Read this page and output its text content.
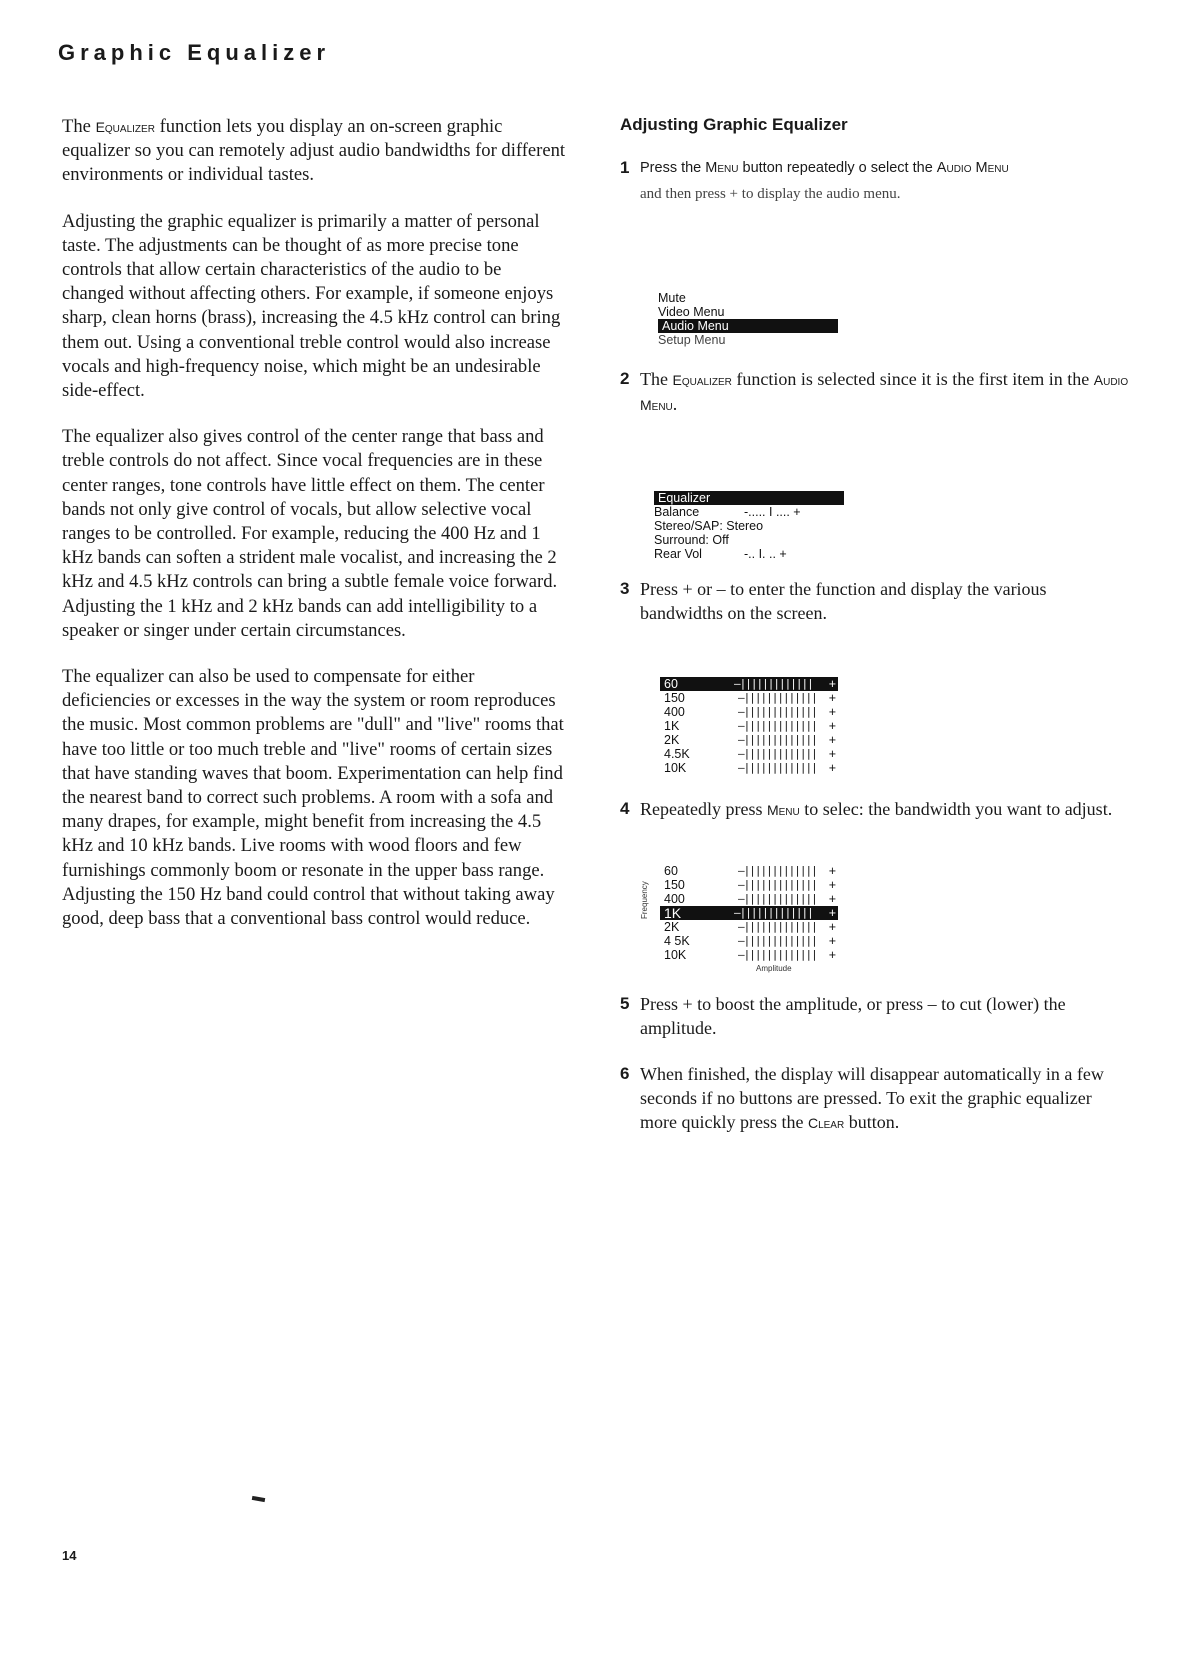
Graphic Equalizer

The Equalizer function lets you display an on-screen graphic equalizer so you can remotely adjust audio bandwidths for different environments or individual tastes.

Adjusting the graphic equalizer is primarily a matter of personal taste. The adjustments can be thought of as more precise tone controls that allow certain characteristics of the audio to be changed without affecting others. For example, if someone enjoys sharp, clean horns (brass), increasing the 4.5 kHz control can bring them out. Using a conventional treble control would also increase vocals and high-frequency noise, which might be an undesirable side-effect.

The equalizer also gives control of the center range that bass and treble controls do not affect. Since vocal frequencies are in these center ranges, tone controls have little effect on them. The center bands not only give control of vocals, but allow selective vocal ranges to be controlled. For example, reducing the 400 Hz and 1 kHz bands can soften a strident male vocalist, and increasing the 2 kHz and 4.5 kHz controls can bring a subtle female voice forward. Adjusting the 1 kHz and 2 kHz bands can add intelligibility to a speaker or singer under certain circumstances.

The equalizer can also be used to compensate for either deficiencies or excesses in the way the system or room reproduces the music. Most common problems are "dull" and "live" rooms that have too little or too much treble and "live" rooms of certain sizes that have standing waves that boom. Experimentation can help find the nearest band to correct such problems. A room with a sofa and many drapes, for example, might benefit from increasing the 4.5 kHz and 10 kHz bands. Live rooms with wood floors and few furnishings commonly boom or resonate in the upper bass range. Adjusting the 150 Hz band could control that without taking away good, deep bass that a conventional bass control would reduce.

Adjusting Graphic Equalizer
1 Press the Menu button repeatedly o select the Audio Menu
and then press + to display the audio menu.
Mute
Video Menu
Audio Menu
Setup Menu
2 The Equalizer function is selected since it is the first item in the Audio Menu.
Equalizer
Balance	-..... I .... +
Stereo/SAP: Stereo
Surround: Off
Rear Vol	-.. I. .. +
3 Press + or – to enter the function and display the various bandwidths on the screen.
60	–||||||||||||| +
150	–||||||||||||| +
400	–||||||||||||| +
1K	–||||||||||||| +
2K	–||||||||||||| +
4.5K	–||||||||||||| +
10K	–||||||||||||| +
4 Repeatedly press Menu to selec: the bandwidth you want to adjust.
Frequency
60	–||||||||||||| +
150	–||||||||||||| +
400	–||||||||||||| +
1K	–||||||||||||| +
2K	–||||||||||||| +
4 5K	–||||||||||||| +
10K	–||||||||||||| +
Amplitude
5 Press + to boost the amplitude, or press – to cut (lower) the amplitude.
6 When finished, the display will disappear automatically in a few seconds if no buttons are pressed. To exit the graphic equalizer more quickly press the Clear button.
14
